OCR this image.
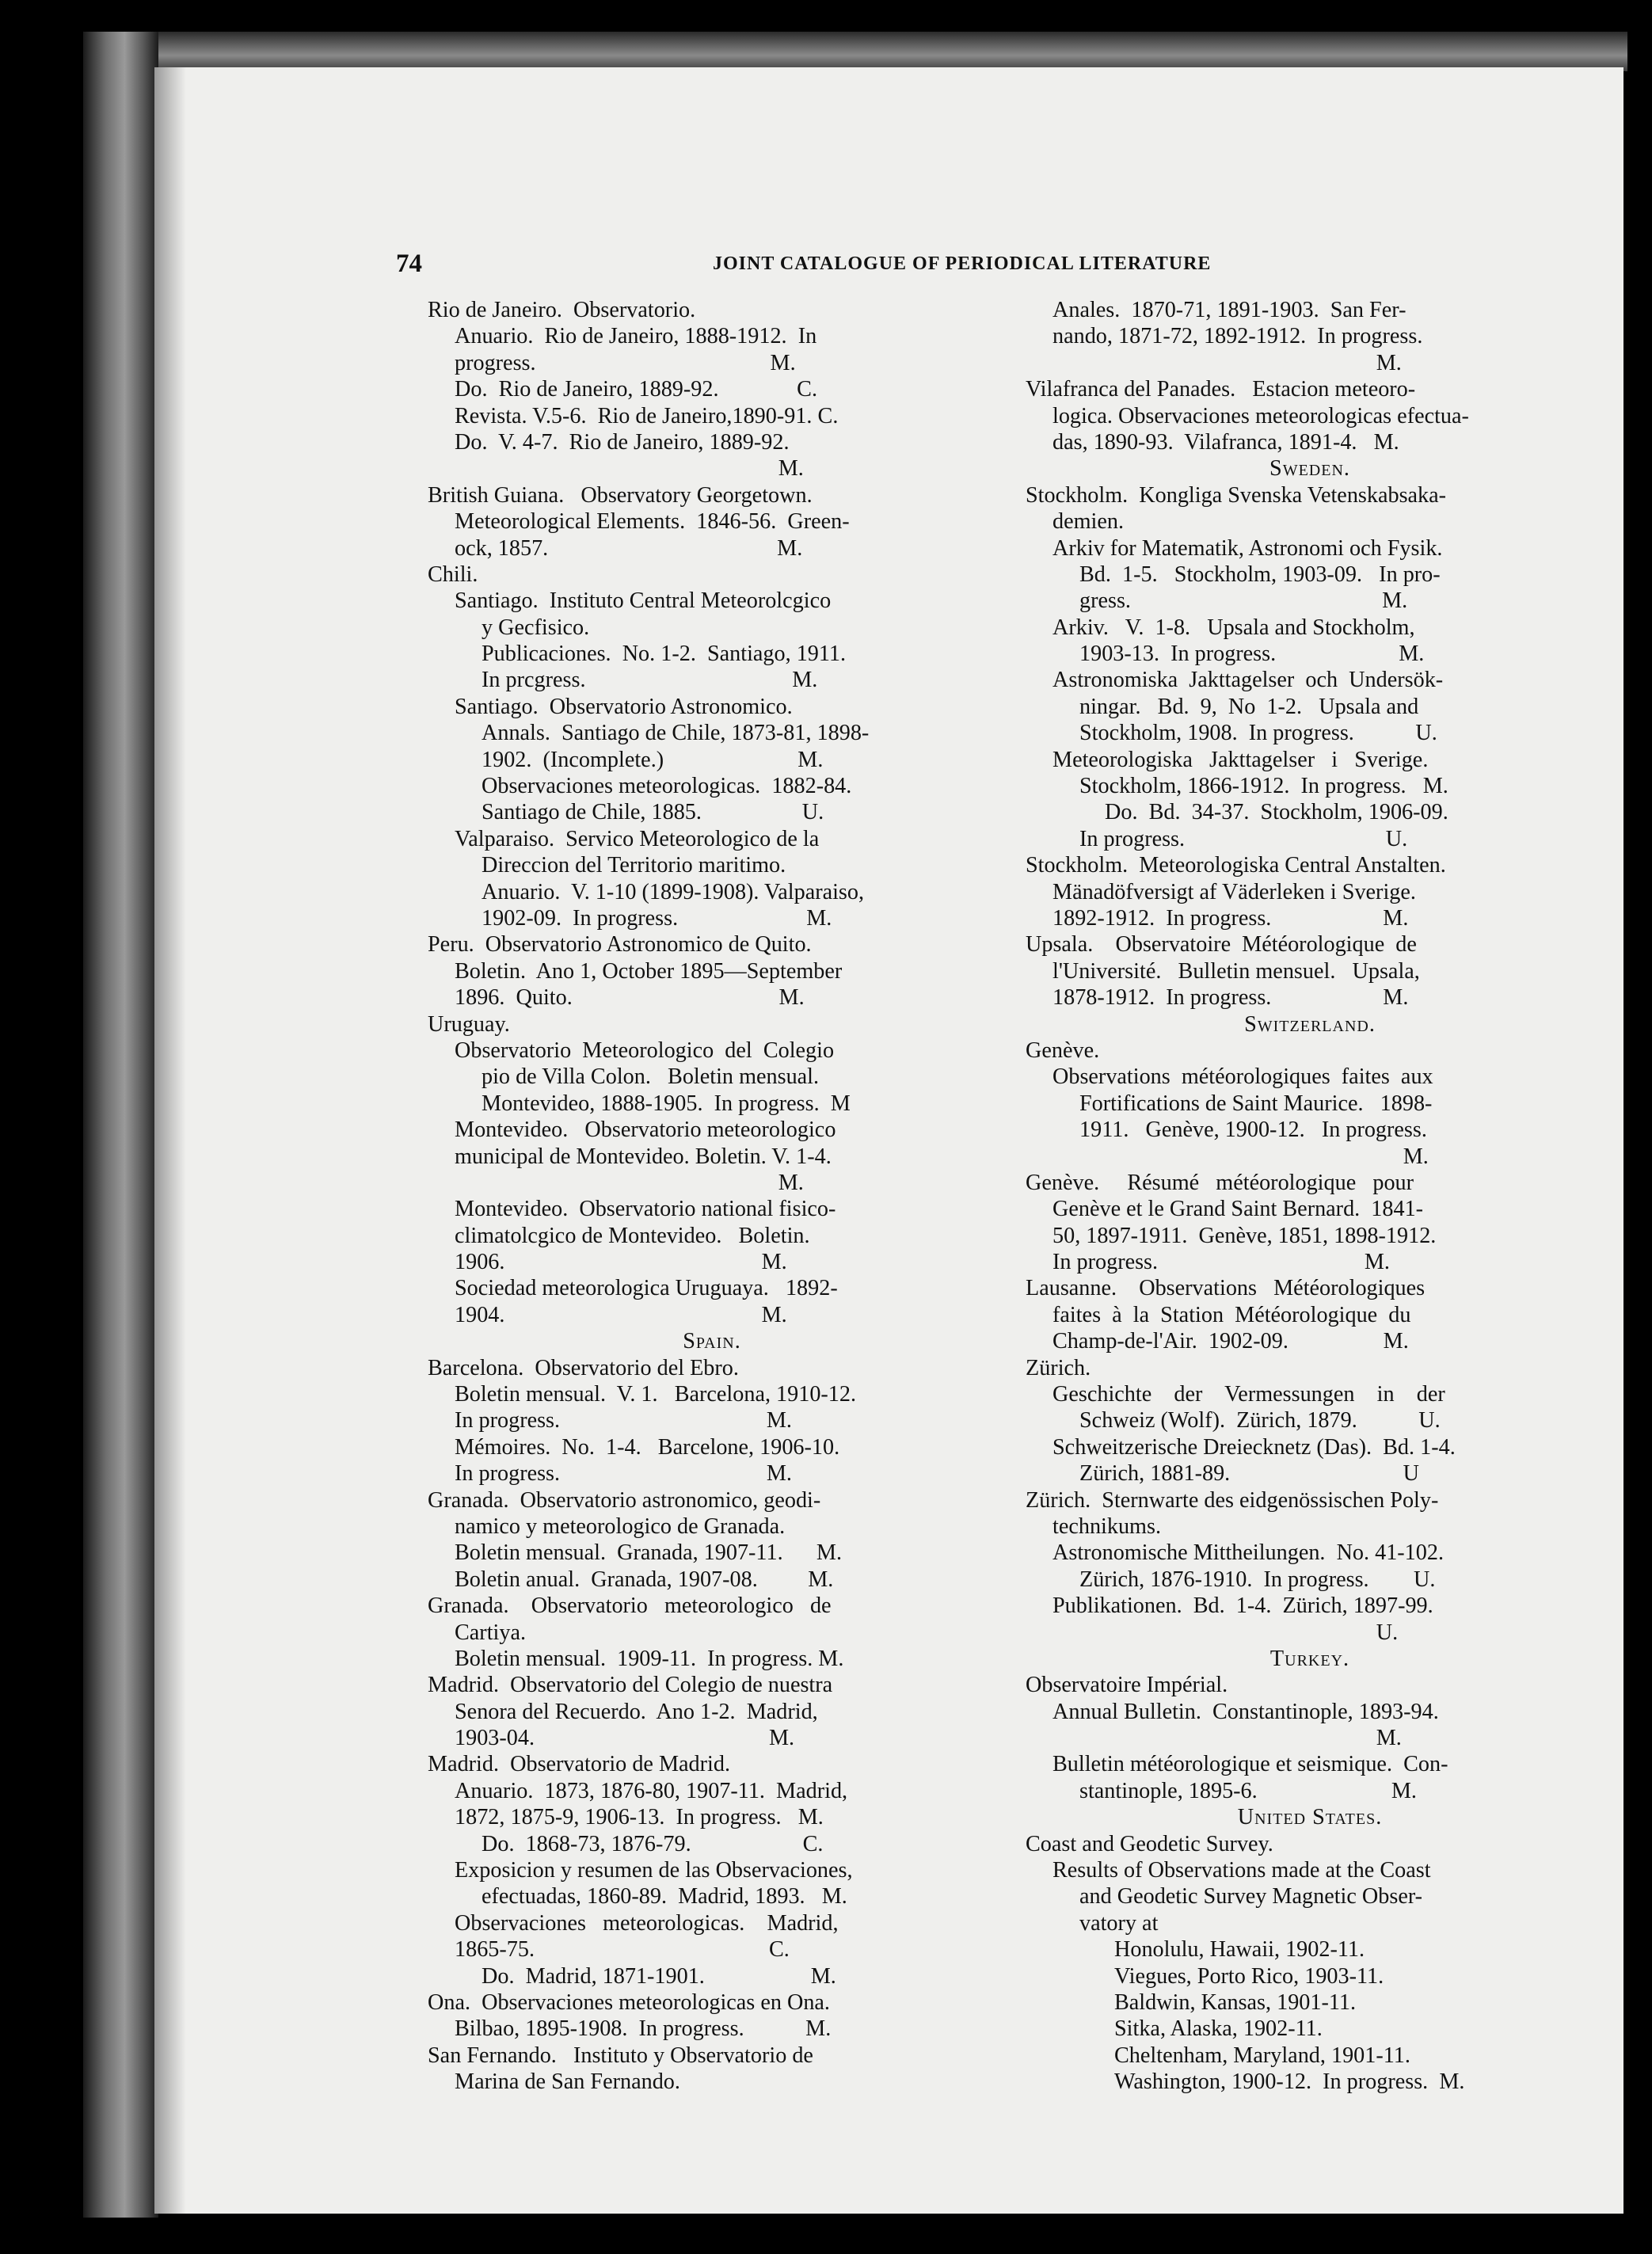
74	JOINT CATALOGUE OF PERIODICAL LITERATURE
Rio de Janeiro.  Observatorio.
Anuario.  Rio de Janeiro, 1888-1912.  In
progress.                                          M.
Do.  Rio de Janeiro, 1889-92.              C.
Revista. V.5-6.  Rio de Janeiro,1890-91. C.
Do.  V. 4-7.  Rio de Janeiro, 1889-92.
M.
British Guiana.   Observatory Georgetown.
Meteorological Elements.  1846-56.  Green-
ock, 1857.                                         M.
Chili.
Santiago.  Instituto Central Meteorolcgico
y Gecfisico.
Publicaciones.  No. 1-2.  Santiago, 1911.
In prcgress.                                     M.
Santiago.  Observatorio Astronomico.
Annals.  Santiago de Chile, 1873-81, 1898-
1902.  (Incomplete.)                        M.
Observaciones meteorologicas.  1882-84.
Santiago de Chile, 1885.                  U.
Valparaiso.  Servico Meteorologico de la
Direccion del Territorio maritimo.
Anuario.  V. 1-10 (1899-1908). Valparaiso,
1902-09.  In progress.                       M.
Peru.  Observatorio Astronomico de Quito.
Boletin.  Ano 1, October 1895—September
1896.  Quito.                                     M.
Uruguay.
Observatorio  Meteorologico  del  Colegio
pio de Villa Colon.   Boletin mensual.
Montevideo, 1888-1905.  In progress.  M
Montevideo.   Observatorio meteorologico
municipal de Montevideo. Boletin. V. 1-4.
M.
Montevideo.  Observatorio national fisico-
climatolcgico de Montevideo.   Boletin.
1906.                                              M.
Sociedad meteorologica Uruguaya.   1892-
1904.                                              M.
Spain.
Barcelona.  Observatorio del Ebro.
Boletin mensual.  V. 1.   Barcelona, 1910-12.
In progress.                                     M.
Mémoires.  No.  1-4.   Barcelone, 1906-10.
In progress.                                     M.
Granada.  Observatorio astronomico, geodi-
namico y meteorologico de Granada.
Boletin mensual.  Granada, 1907-11.      M.
Boletin anual.  Granada, 1907-08.         M.
Granada.    Observatorio   meteorologico   de
Cartiya.
Boletin mensual.  1909-11.  In progress. M.
Madrid.  Observatorio del Colegio de nuestra
Senora del Recuerdo.  Ano 1-2.  Madrid,
1903-04.                                          M.
Madrid.  Observatorio de Madrid.
Anuario.  1873, 1876-80, 1907-11.  Madrid,
1872, 1875-9, 1906-13.  In progress.   M.
Do.  1868-73, 1876-79.                    C.
Exposicion y resumen de las Observaciones,
efectuadas, 1860-89.  Madrid, 1893.   M.
Observaciones   meteorologicas.    Madrid,
1865-75.                                          C.
Do.  Madrid, 1871-1901.                   M.
Ona.  Observaciones meteorologicas en Ona.
Bilbao, 1895-1908.  In progress.           M.
San Fernando.   Instituto y Observatorio de
Marina de San Fernando.
Anales.  1870-71, 1891-1903.  San Fer-
nando, 1871-72, 1892-1912.  In progress.
M.
Vilafranca del Panades.   Estacion meteoro-
logica. Observaciones meteorologicas efectua-
das, 1890-93.  Vilafranca, 1891-4.   M.
Sweden.
Stockholm.  Kongliga Svenska Vetenskabsaka-
demien.
Arkiv for Matematik, Astronomi och Fysik.
Bd.  1-5.   Stockholm, 1903-09.   In pro-
gress.                                             M.
Arkiv.   V.  1-8.   Upsala and Stockholm,
1903-13.  In progress.                      M.
Astronomiska  Jakttagelser  och  Undersök-
ningar.   Bd.  9,  No  1-2.   Upsala and
Stockholm, 1908.  In progress.           U.
Meteorologiska   Jakttagelser   i   Sverige.
Stockholm, 1866-1912.  In progress.   M.
Do.  Bd.  34-37.  Stockholm, 1906-09.
In progress.                                    U.
Stockholm.  Meteorologiska Central Anstalten.
Mänadöfversigt af Väderleken i Sverige.
1892-1912.  In progress.                    M.
Upsala.    Observatoire  Météorologique  de
l'Université.   Bulletin mensuel.   Upsala,
1878-1912.  In progress.                    M.
Switzerland.
Genève.
Observations  météorologiques  faites  aux
Fortifications de Saint Maurice.   1898-
1911.   Genève, 1900-12.   In progress.
M.
Genève.     Résumé   météorologique   pour
Genève et le Grand Saint Bernard.  1841-
50, 1897-1911.  Genève, 1851, 1898-1912.
In progress.                                     M.
Lausanne.    Observations   Météorologiques
faites  à  la  Station  Météorologique  du
Champ-de-l'Air.  1902-09.                 M.
Zürich.
Geschichte    der    Vermessungen    in    der
Schweiz (Wolf).  Zürich, 1879.           U.
Schweitzerische Dreiecknetz (Das).  Bd. 1-4.
Zürich, 1881-89.                               U
Zürich.  Sternwarte des eidgenössischen Poly-
technikums.
Astronomische Mittheilungen.  No. 41-102.
Zürich, 1876-1910.  In progress.        U.
Publikationen.  Bd.  1-4.  Zürich, 1897-99.
U.
Turkey.
Observatoire Impérial.
Annual Bulletin.  Constantinople, 1893-94.
M.
Bulletin météorologique et seismique.  Con-
stantinople, 1895-6.                        M.
United States.
Coast and Geodetic Survey.
Results of Observations made at the Coast
and Geodetic Survey Magnetic Obser-
vatory at
Honolulu, Hawaii, 1902-11.
Viegues, Porto Rico, 1903-11.
Baldwin, Kansas, 1901-11.
Sitka, Alaska, 1902-11.
Cheltenham, Maryland, 1901-11.
Washington, 1900-12.  In progress.  M.
